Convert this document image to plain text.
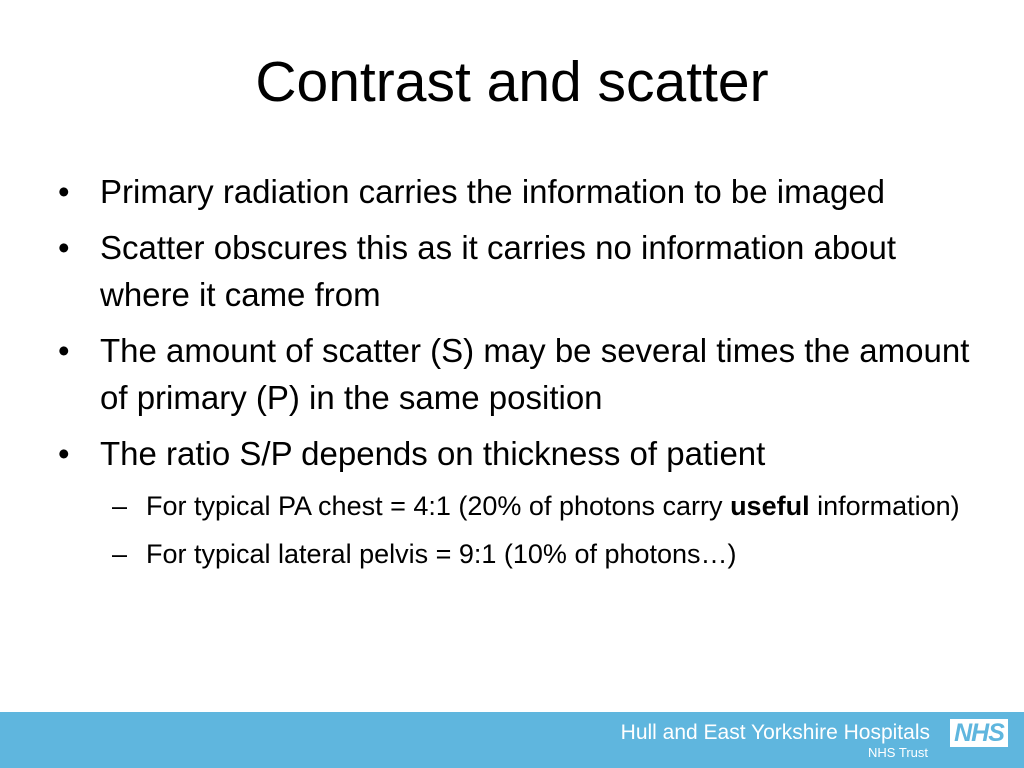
Contrast and scatter
• Primary radiation carries the information to be imaged
• Scatter obscures this as it carries no information about where it came from
• The amount of scatter (S) may be several times the amount of primary (P) in the same position
• The ratio S/P depends on thickness of patient
– For typical PA chest = 4:1 (20% of photons carry useful information)
– For typical lateral pelvis = 9:1 (10% of photons…)
Hull and East Yorkshire Hospitals
NHS Trust
NHS
